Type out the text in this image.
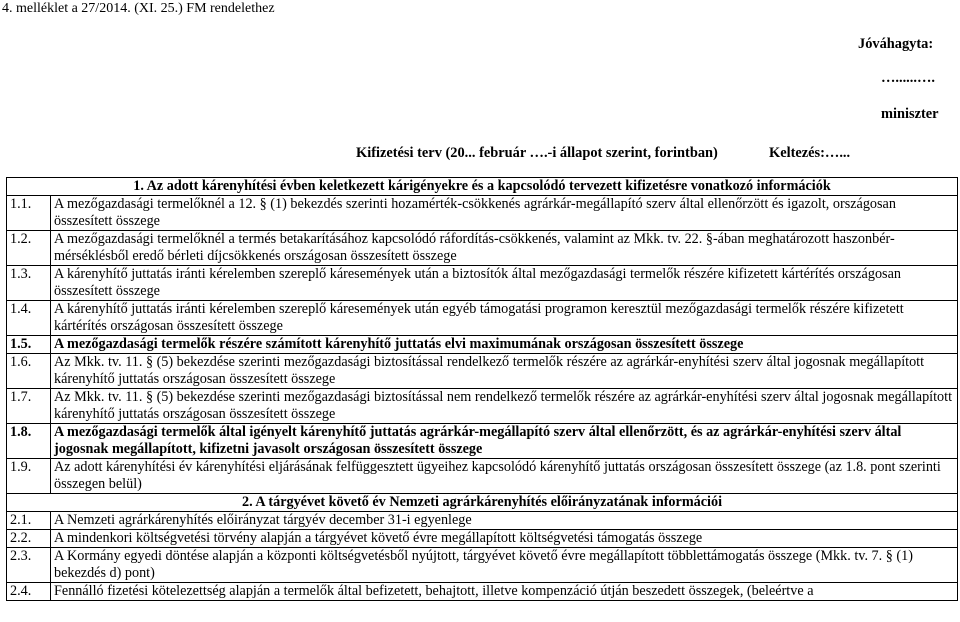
4. melléklet a 27/2014. (XI. 25.) FM rendelethez
Jóváhagyta:
…......….
miniszter
Kifizetési terv (20... február ….-i állapot szerint, forintban)	Keltezés:…...
1. Az adott kárenyhítési évben keletkezett kárigényekre és a kapcsolódó tervezett kifizetésre vonatkozó információk	
1.1.	A mezőgazdasági termelőknél a 12. § (1) bekezdés szerinti hozamérték-csökkenés agrárkár-megállapító szerv által ellenőrzött és igazolt, országosan összesített összege
1.2.	A mezőgazdasági termelőknél a termés betakarításához kapcsolódó ráfordítás-csökkenés, valamint az Mkk. tv. 22. §-ában meghatározott haszonbér-mérséklésből eredő bérleti díjcsökkenés országosan összesített összege
1.3.	A kárenyhítő juttatás iránti kérelemben szereplő káresemények után a biztosítók által mezőgazdasági termelők részére kifizetett kártérítés országosan összesített összege
1.4.	A kárenyhítő juttatás iránti kérelemben szereplő káresemények után egyéb támogatási programon keresztül mezőgazdasági termelők részére kifizetett kártérítés országosan összesített összege
1.5.	A mezőgazdasági termelők részére számított kárenyhítő juttatás elvi maximumának országosan összesített összege
1.6.	Az Mkk. tv. 11. § (5) bekezdése szerinti mezőgazdasági biztosítással rendelkező termelők részére az agrárkár-enyhítési szerv által jogosnak megállapított kárenyhítő juttatás országosan összesített összege
1.7.	Az Mkk. tv. 11. § (5) bekezdése szerinti mezőgazdasági biztosítással nem rendelkező termelők részére az agrárkár-enyhítési szerv által jogosnak megállapított kárenyhítő juttatás országosan összesített összege
1.8.	A mezőgazdasági termelők által igényelt kárenyhítő juttatás agrárkár-megállapító szerv által ellenőrzött, és az agrárkár-enyhítési szerv által jogosnak megállapított, kifizetni javasolt országosan összesített összege
1.9.	Az adott kárenyhítési év kárenyhítési eljárásának felfüggesztett ügyeihez kapcsolódó kárenyhítő juttatás országosan összesített összege (az 1.8. pont szerinti összegen belül)
2. A tárgyévet követő év Nemzeti agrárkárenyhítés előirányzatának információi	
2.1.	A Nemzeti agrárkárenyhítés előirányzat tárgyév december 31-i egyenlege
2.2.	A mindenkori költségvetési törvény alapján a tárgyévet követő évre megállapított költségvetési támogatás összege
2.3.	A Kormány egyedi döntése alapján a központi költségvetésből nyújtott, tárgyévet követő évre megállapított többlettámogatás összege (Mkk. tv. 7. § (1) bekezdés d) pont)
2.4.	Fennálló fizetési kötelezettség alapján a termelők által befizetett, behajtott, illetve kompenzáció útján beszedett összegek, (beleértve a
